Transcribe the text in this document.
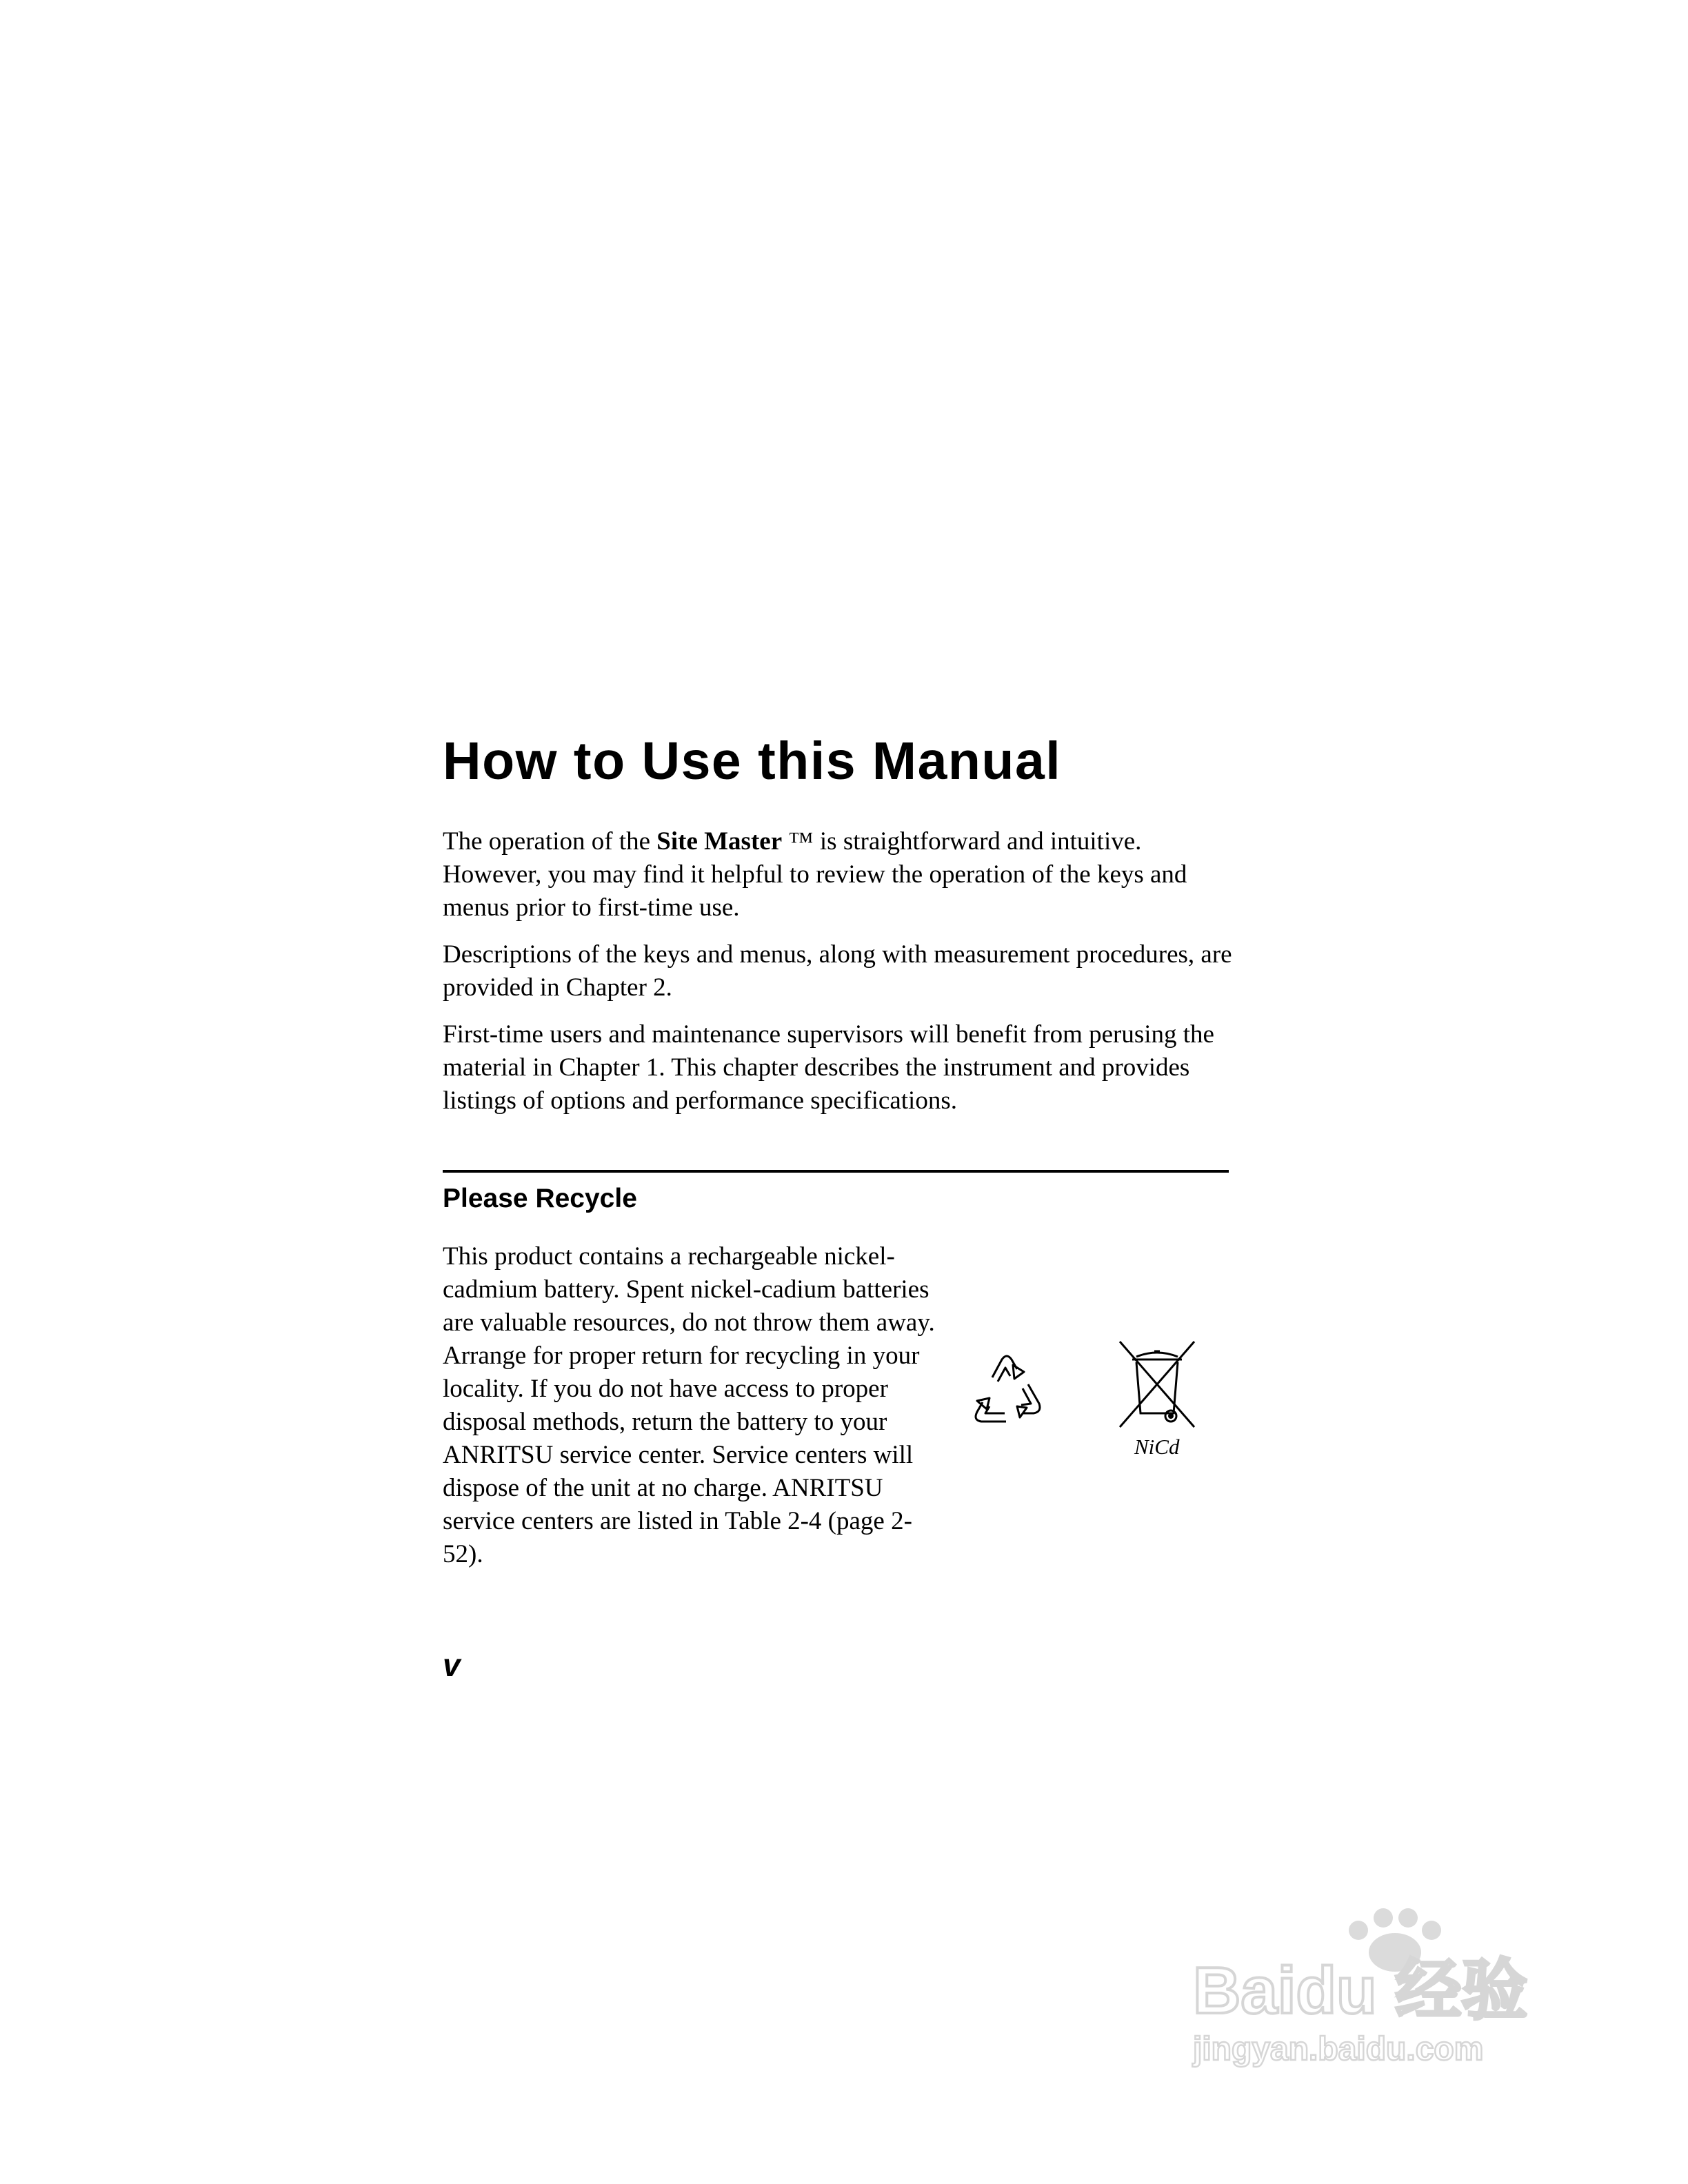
How to Use this Manual

The operation of the Site Master ™ is straightforward and intuitive. However, you may find it helpful to review the operation of the keys and menus prior to first-time use.

Descriptions of the keys and menus, along with measurement procedures, are provided in Chapter 2.

First-time users and maintenance supervisors will benefit from perusing the material in Chapter 1. This chapter describes the instrument and provides listings of options and performance specifications.

Please Recycle

This product contains a rechargeable nickel-cadmium battery. Spent nickel-cadium batteries are valuable resources, do not throw them away. Arrange for proper return for recycling in your locality. If you do not have access to proper disposal methods, return the battery to your ANRITSU service center. Service centers will dispose of the unit at no charge. ANRITSU service centers are listed in Table 2-4 (page 2-52).

NiCd
v
Baidu 经验
jingyan.baidu.com
